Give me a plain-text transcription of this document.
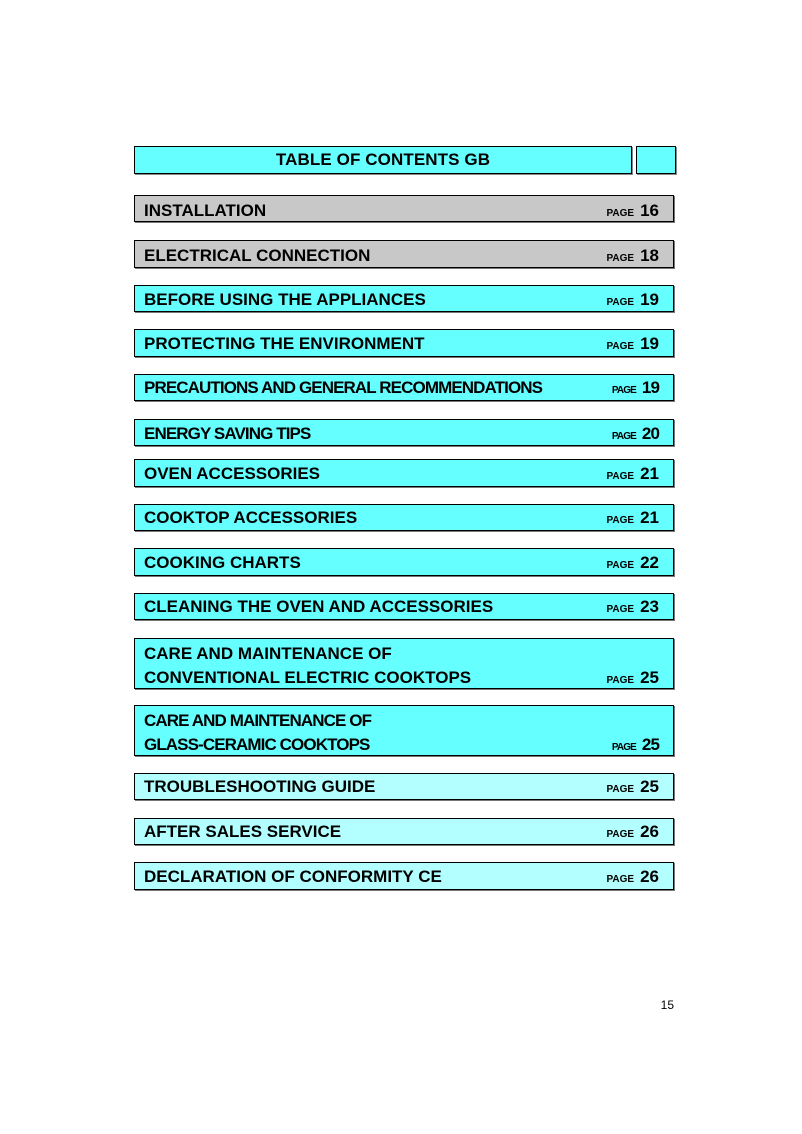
TABLE OF CONTENTS GB
INSTALLATION	PAGE 16
ELECTRICAL CONNECTION	PAGE 18
BEFORE USING THE APPLIANCES	PAGE 19
PROTECTING THE ENVIRONMENT	PAGE 19
PRECAUTIONS AND GENERAL RECOMMENDATIONS	PAGE 19
ENERGY SAVING TIPS	PAGE 20
OVEN ACCESSORIES	PAGE 21
COOKTOP ACCESSORIES	PAGE 21
COOKING CHARTS	PAGE 22
CLEANING THE OVEN AND ACCESSORIES	PAGE 23
CARE AND MAINTENANCE OF
CONVENTIONAL ELECTRIC COOKTOPS	PAGE 25
CARE AND MAINTENANCE OF
GLASS-CERAMIC COOKTOPS	PAGE 25
TROUBLESHOOTING GUIDE	PAGE 25
AFTER SALES SERVICE	PAGE 26
DECLARATION OF CONFORMITY CE	PAGE 26
15
